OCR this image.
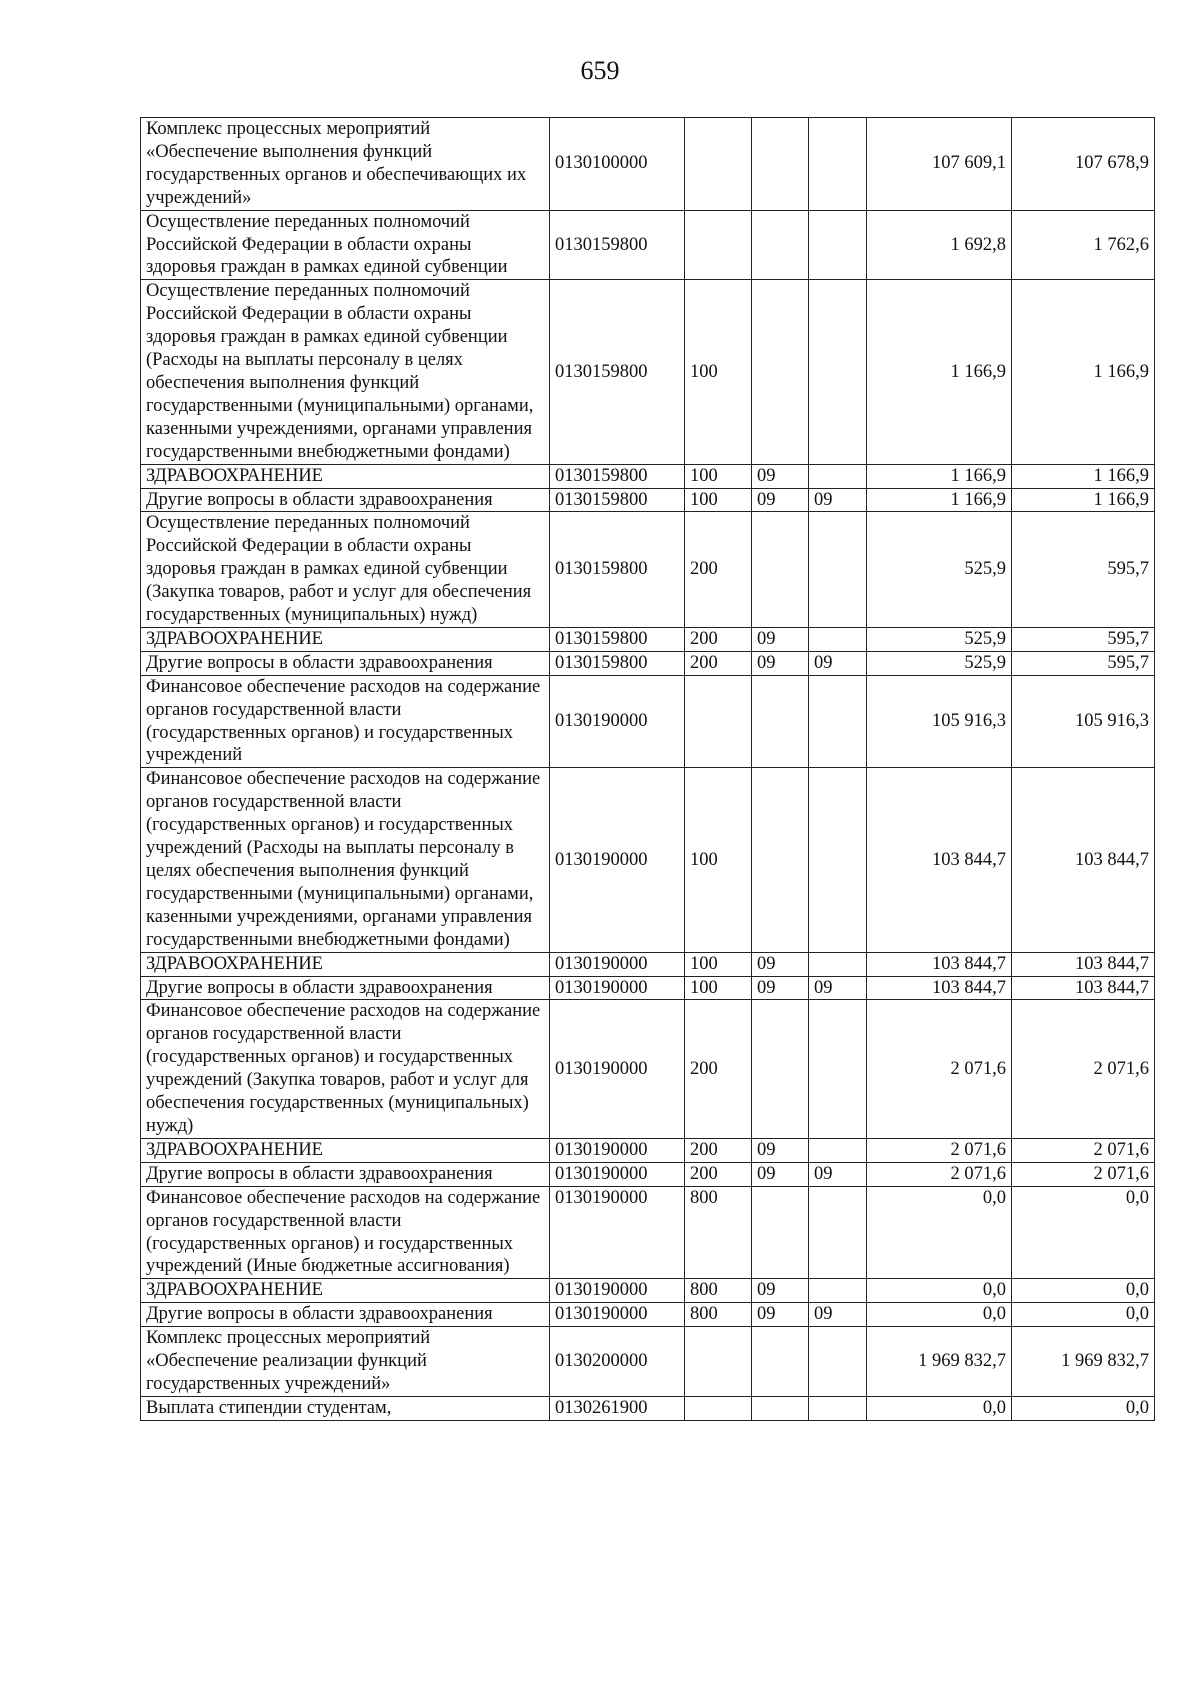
659
Комплекс процессных мероприятий «Обеспечение выполнения функций государственных органов и обеспечивающих их учреждений»	0130100000				107 609,1	107 678,9
Осуществление переданных полномочий Российской Федерации в области охраны здоровья граждан в рамках единой субвенции	0130159800				1 692,8	1 762,6
Осуществление переданных полномочий Российской Федерации в области охраны здоровья граждан в рамках единой субвенции (Расходы на выплаты персоналу в целях обеспечения выполнения функций государственными (муниципальными) органами, казенными учреждениями, органами управления государственными внебюджетными фондами)	0130159800	100			1 166,9	1 166,9
ЗДРАВООХРАНЕНИЕ	0130159800	100	09		1 166,9	1 166,9
Другие вопросы в области здравоохранения	0130159800	100	09	09	1 166,9	1 166,9
Осуществление переданных полномочий Российской Федерации в области охраны здоровья граждан в рамках единой субвенции (Закупка товаров, работ и услуг для обеспечения государственных (муниципальных) нужд)	0130159800	200			525,9	595,7
ЗДРАВООХРАНЕНИЕ	0130159800	200	09		525,9	595,7
Другие вопросы в области здравоохранения	0130159800	200	09	09	525,9	595,7
Финансовое обеспечение расходов на содержание органов государственной власти (государственных органов) и государственных учреждений	0130190000				105 916,3	105 916,3
Финансовое обеспечение расходов на содержание органов государственной власти (государственных органов) и государственных учреждений (Расходы на выплаты персоналу в целях обеспечения выполнения функций государственными (муниципальными) органами, казенными учреждениями, органами управления государственными внебюджетными фондами)	0130190000	100			103 844,7	103 844,7
ЗДРАВООХРАНЕНИЕ	0130190000	100	09		103 844,7	103 844,7
Другие вопросы в области здравоохранения	0130190000	100	09	09	103 844,7	103 844,7
Финансовое обеспечение расходов на содержание органов государственной власти (государственных органов) и государственных учреждений (Закупка товаров, работ и услуг для обеспечения государственных (муниципальных) нужд)	0130190000	200			2 071,6	2 071,6
ЗДРАВООХРАНЕНИЕ	0130190000	200	09		2 071,6	2 071,6
Другие вопросы в области здравоохранения	0130190000	200	09	09	2 071,6	2 071,6
Финансовое обеспечение расходов на содержание органов государственной власти (государственных органов) и государственных учреждений (Иные бюджетные ассигнования)	0130190000	800			0,0	0,0
ЗДРАВООХРАНЕНИЕ	0130190000	800	09		0,0	0,0
Другие вопросы в области здравоохранения	0130190000	800	09	09	0,0	0,0
Комплекс процессных мероприятий «Обеспечение реализации функций государственных учреждений»	0130200000				1 969 832,7	1 969 832,7
Выплата стипендии студентам,	0130261900				0,0	0,0
